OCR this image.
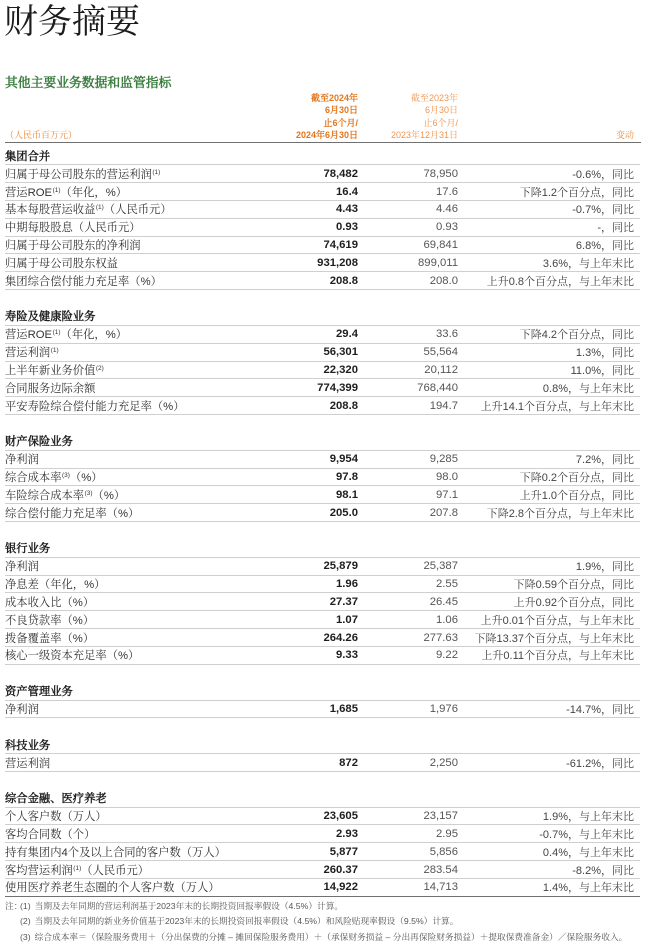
财务摘要
其他主要业务数据和监管指标
（人民币百万元）
截至2024年
6月30日
止6个月/
2024年6月30日
截至2023年
6月30日
止6个月/
2023年12月31日	变动
集团合并
归属于母公司股东的营运利润$^{(1)}$	78,482	78,950	-0.6%，同比
营运ROE$^{(1)}$（年化，%）	16.4	17.6	下降1.2个百分点，同比
基本每股营运收益$^{(1)}$（人民币元）	4.43	4.46	-0.7%，同比
中期每股股息（人民币元）	0.93	0.93	-，同比
归属于母公司股东的净利润	74,619	69,841	6.8%，同比
归属于母公司股东权益	931,208	899,011	3.6%，与上年末比
集团综合偿付能力充足率（%）	208.8	208.0	上升0.8个百分点，与上年末比
寿险及健康险业务
营运ROE$^{(1)}$（年化，%）	29.4	33.6	下降4.2个百分点，同比
营运利润$^{(1)}$	56,301	55,564	1.3%，同比
上半年新业务价值$^{(2)}$	22,320	20,112	11.0%，同比
合同服务边际余额	774,399	768,440	0.8%，与上年末比
平安寿险综合偿付能力充足率（%）	208.8	194.7	上升14.1个百分点，与上年末比
财产保险业务
净利润	9,954	9,285	7.2%，同比
综合成本率$^{(3)}$（%）	97.8	98.0	下降0.2个百分点，同比
车险综合成本率$^{(3)}$（%）	98.1	97.1	上升1.0个百分点，同比
综合偿付能力充足率（%）	205.0	207.8	下降2.8个百分点，与上年末比
银行业务
净利润	25,879	25,387	1.9%，同比
净息差（年化，%）	1.96	2.55	下降0.59个百分点，同比
成本收入比（%）	27.37	26.45	上升0.92个百分点，同比
不良贷款率（%）	1.07	1.06	上升0.01个百分点，与上年末比
拨备覆盖率（%）	264.26	277.63	下降13.37个百分点，与上年末比
核心一级资本充足率（%）	9.33	9.22	上升0.11个百分点，与上年末比
资产管理业务
净利润	1,685	1,976	-14.7%，同比
科技业务
营运利润	872	2,250	-61.2%，同比
综合金融、医疗养老
个人客户数（万人）	23,605	23,157	1.9%，与上年末比
客均合同数（个）	2.93	2.95	-0.7%，与上年末比
持有集团内4个及以上合同的客户数（万人）	5,877	5,856	0.4%，与上年末比
客均营运利润$^{(1)}$（人民币元）	260.37	283.54	-8.2%，同比
使用医疗养老生态圈的个人客户数（万人）	14,922	14,713	1.4%，与上年末比
注：(1) 当期及去年同期的营运利润基于2023年末的长期投资回报率假设（4.5%）计算。
(2) 当期及去年同期的新业务价值基于2023年末的长期投资回报率假设（4.5%）和风险贴现率假设（9.5%）计算。
(3) 综合成本率＝（保险服务费用＋（分出保费的分摊 – 摊回保险服务费用）＋（承保财务损益 – 分出再保险财务损益）＋提取保费准备金）／保险服务收入。
